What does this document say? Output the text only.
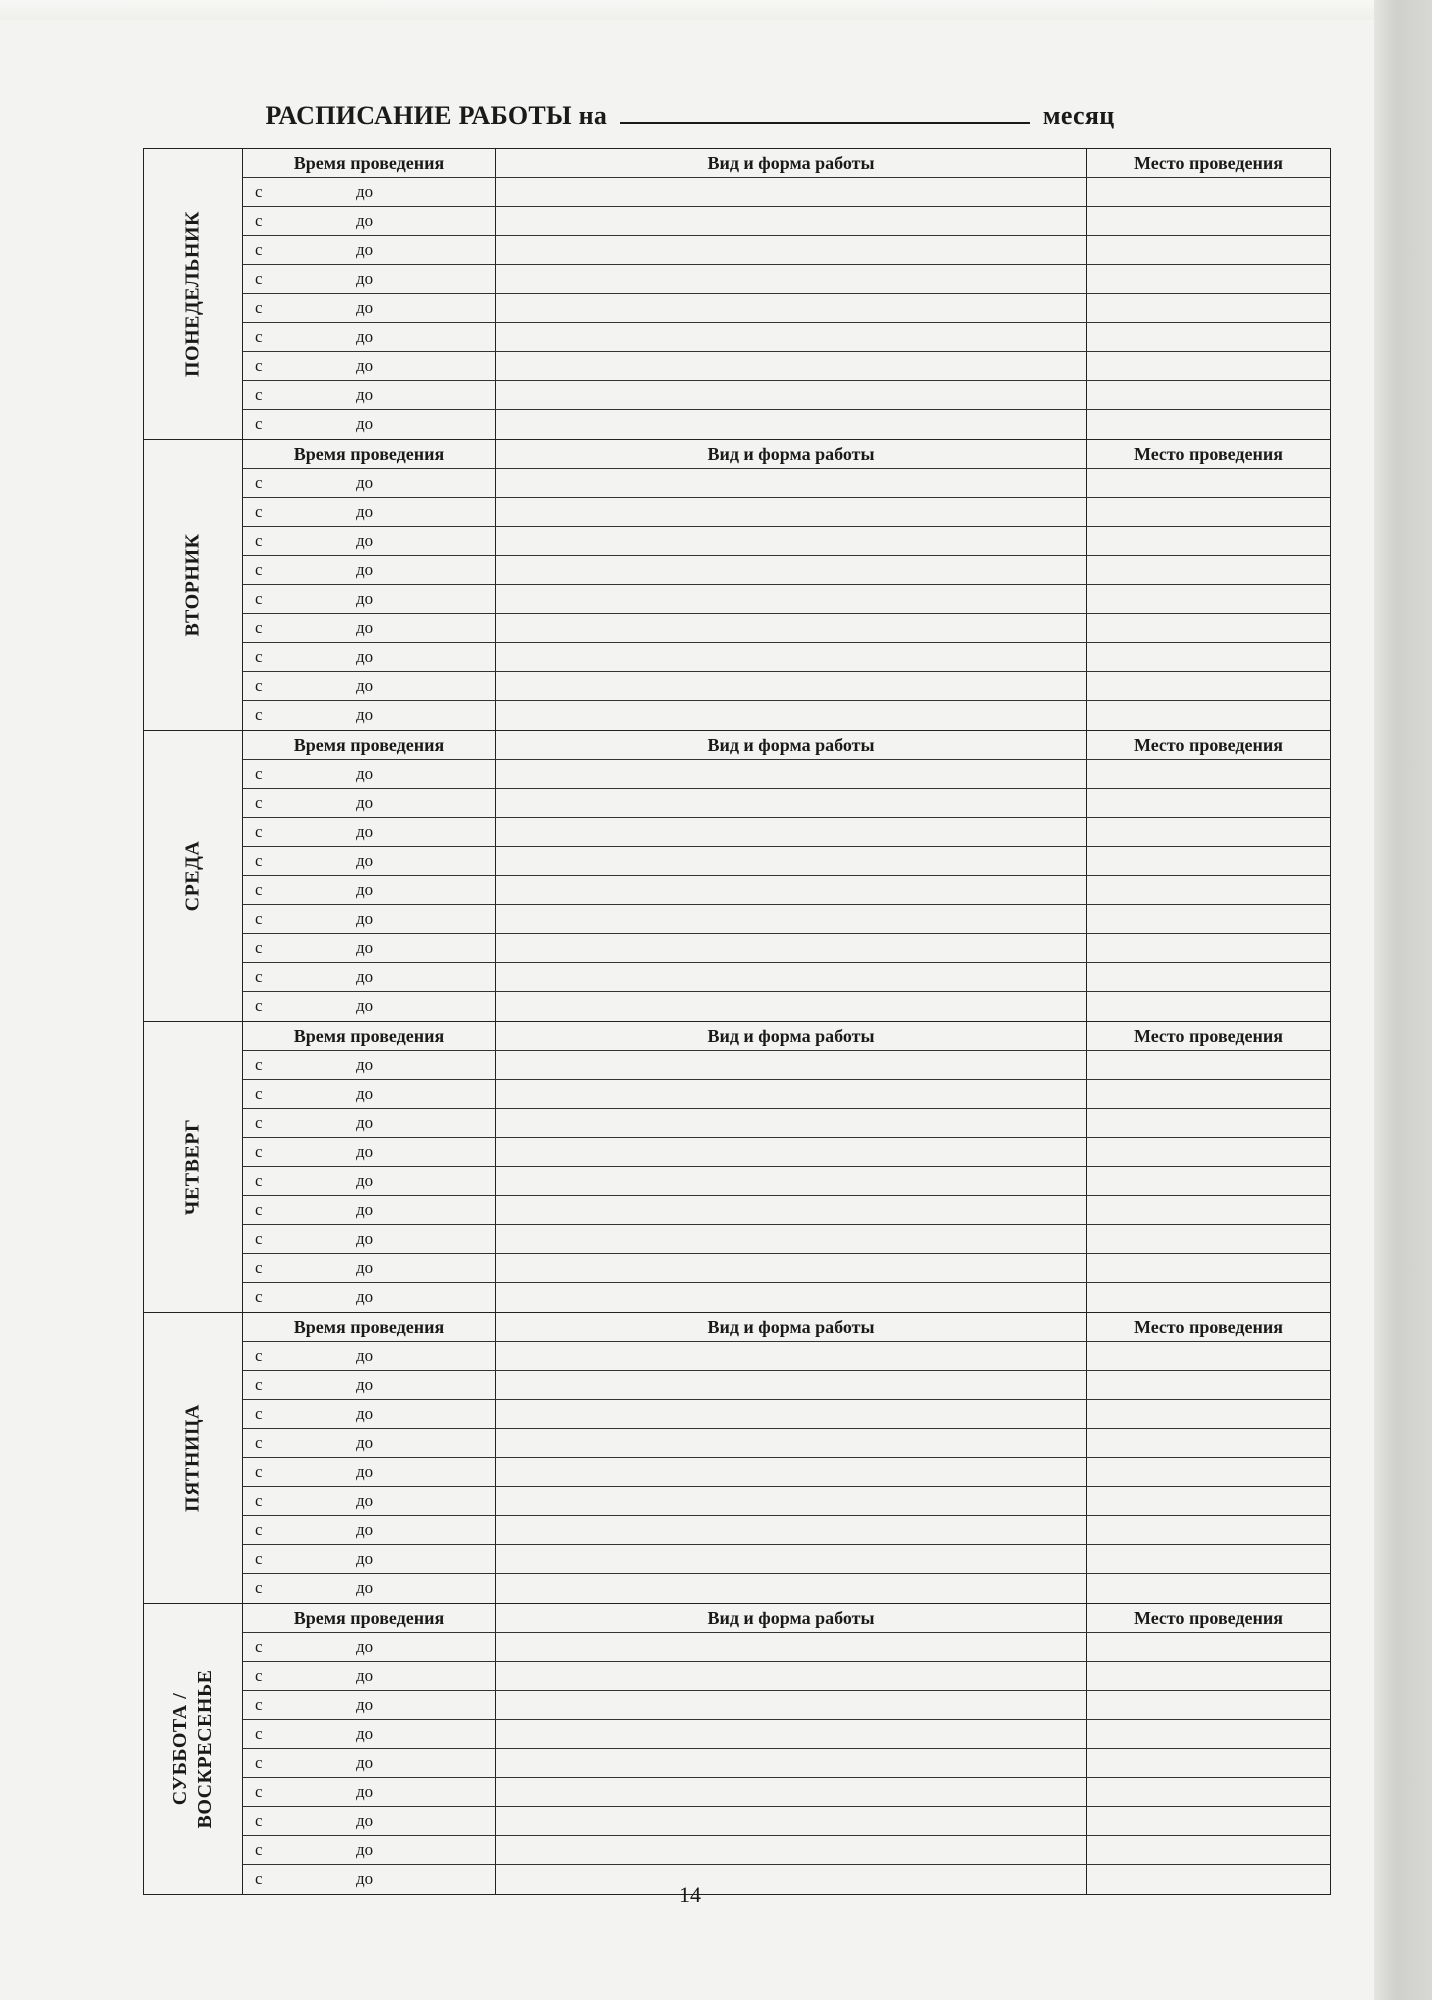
РАСПИСАНИЕ РАБОТЫ на	месяц
ПОНЕДЕЛЬНИК
Время проведения	Вид и форма работы	Место проведения
с	до
с	до
с	до
с	до
с	до
с	до
с	до
с	до
с	до
ВТОРНИК
Время проведения	Вид и форма работы	Место проведения
с	до
с	до
с	до
с	до
с	до
с	до
с	до
с	до
с	до
СРЕДА
Время проведения	Вид и форма работы	Место проведения
с	до
с	до
с	до
с	до
с	до
с	до
с	до
с	до
с	до
ЧЕТВЕРГ
Время проведения	Вид и форма работы	Место проведения
с	до
с	до
с	до
с	до
с	до
с	до
с	до
с	до
с	до
ПЯТНИЦА
Время проведения	Вид и форма работы	Место проведения
с	до
с	до
с	до
с	до
с	до
с	до
с	до
с	до
с	до
СУББОТА /
ВОСКРЕСЕНЬЕ
Время проведения	Вид и форма работы	Место проведения
с	до
с	до
с	до
с	до
с	до
с	до
с	до
с	до
с	до
14
